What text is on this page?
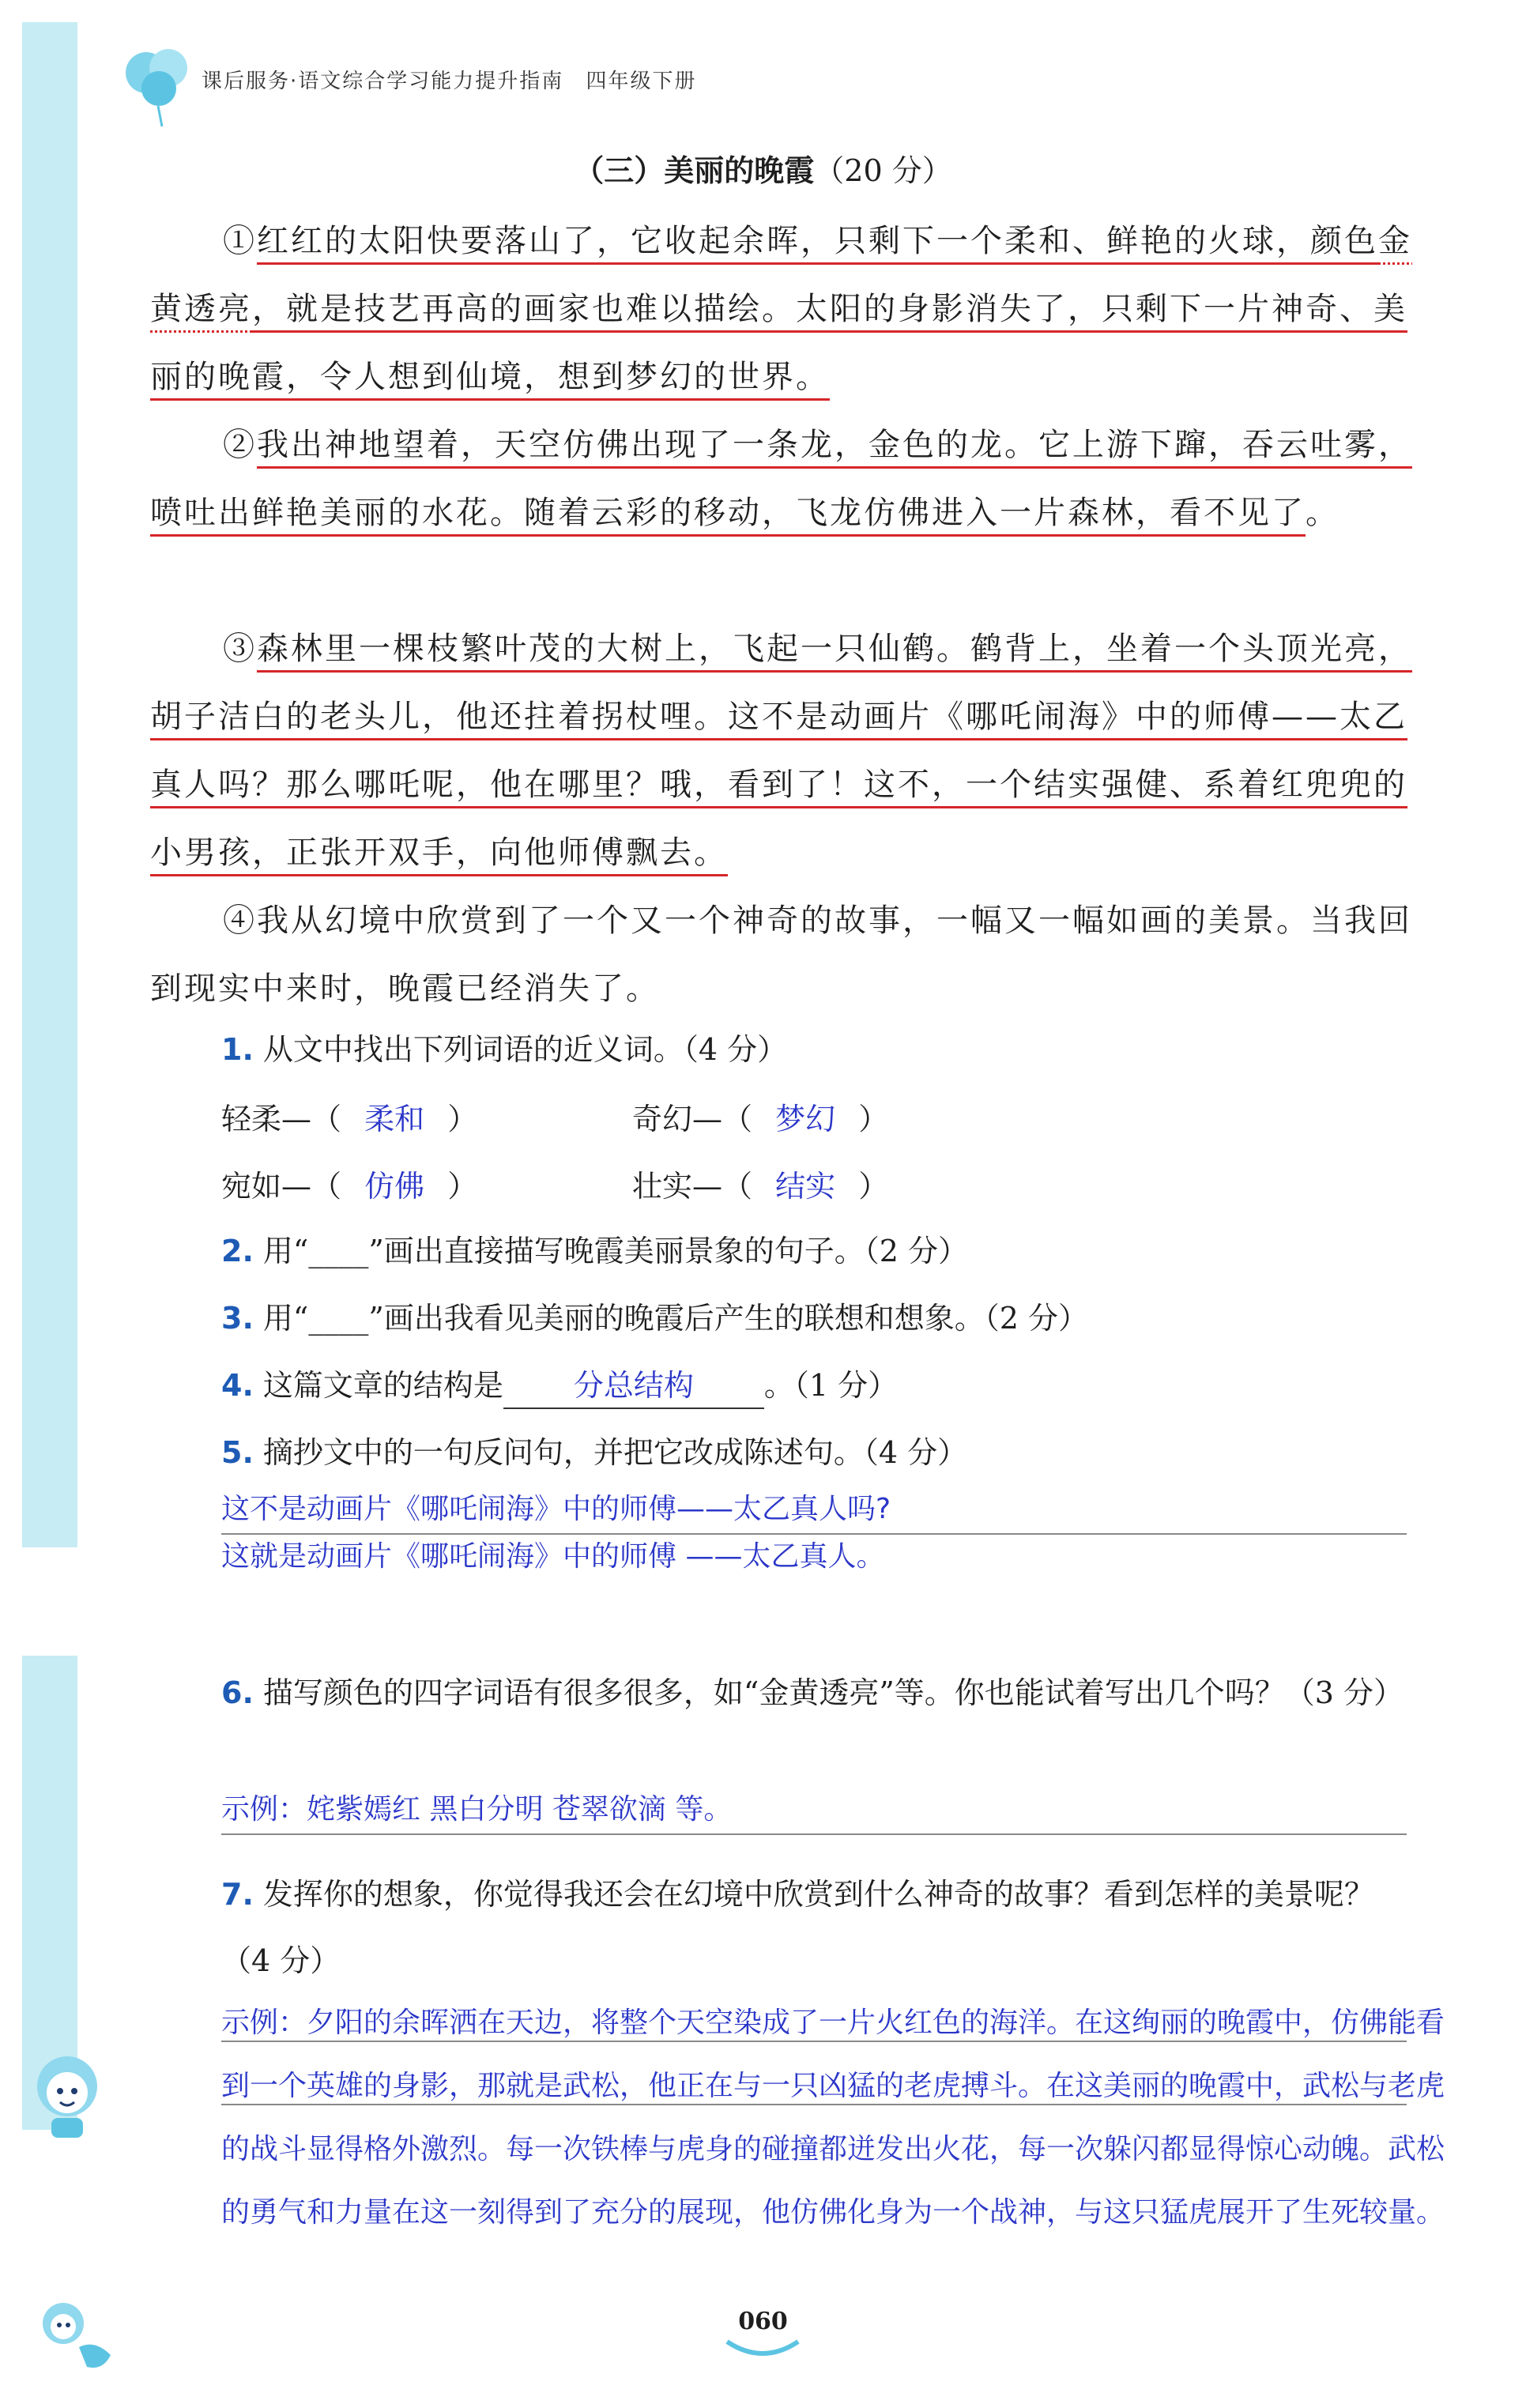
课后服务·语文综合学习能力提升指南 四年级下册
（三）美丽的晚霞（20 分）

①红红的太阳快要落山了，它收起余晖，只剩下一个柔和、鲜艳的火球，颜色金黄透亮，就是技艺再高的画家也难以描绘。太阳的身影消失了，只剩下一片神奇、美丽的晚霞，令人想到仙境，想到梦幻的世界。

②我出神地望着，天空仿佛出现了一条龙，金色的龙。它上游下蹿，吞云吐雾，喷吐出鲜艳美丽的水花。随着云彩的移动，飞龙仿佛进入一片森林，看不见了。

③森林里一棵枝繁叶茂的大树上，飞起一只仙鹤。鹤背上，坐着一个头顶光亮，胡子洁白的老头儿，他还拄着拐杖哩。这不是动画片《哪吒闹海》中的师傅——太乙真人吗？那么哪吒呢，他在哪里？哦，看到了！这不，一个结实强健、系着红兜兜的小男孩，正张开双手，向他师傅飘去。

④我从幻境中欣赏到了一个又一个神奇的故事，一幅又一幅如画的美景。当我回到现实中来时，晚霞已经消失了。

1. 从文中找出下列词语的近义词。（4 分）

轻柔—（ 柔和 ）	奇幻—（ 梦幻 ）
宛如—（ 仿佛 ）	壮实—（ 结实 ）

2. 用“____”画出直接描写晚霞美丽景象的句子。（2 分）

3. 用“____”画出我看见美丽的晚霞后产生的联想和想象。（2 分）

4. 这篇文章的结构是 分总结构 。（1 分）

5. 摘抄文中的一句反问句，并把它改成陈述句。（4 分）

这不是动画片《哪吒闹海》中的师傅——太乙真人吗?
这就是动画片《哪吒闹海》中的师傅 ——太乙真人。

6. 描写颜色的四字词语有很多很多，如“金黄透亮”等。你也能试着写出几个吗？（3 分）

示例：姹紫嫣红 黑白分明 苍翠欲滴 等。

7. 发挥你的想象，你觉得我还会在幻境中欣赏到什么神奇的故事？看到怎样的美景呢？（4 分）

示例：夕阳的余晖洒在天边，将整个天空染成了一片火红色的海洋。在这绚丽的晚霞中，仿佛能看到一个英雄的身影，那就是武松，他正在与一只凶猛的老虎搏斗。在这美丽的晚霞中，武松与老虎的战斗显得格外激烈。每一次铁棒与虎身的碰撞都迸发出火花，每一次躲闪都显得惊心动魄。武松的勇气和力量在这一刻得到了充分的展现，他仿佛化身为一个战神，与这只猛虎展开了生死较量。
060
